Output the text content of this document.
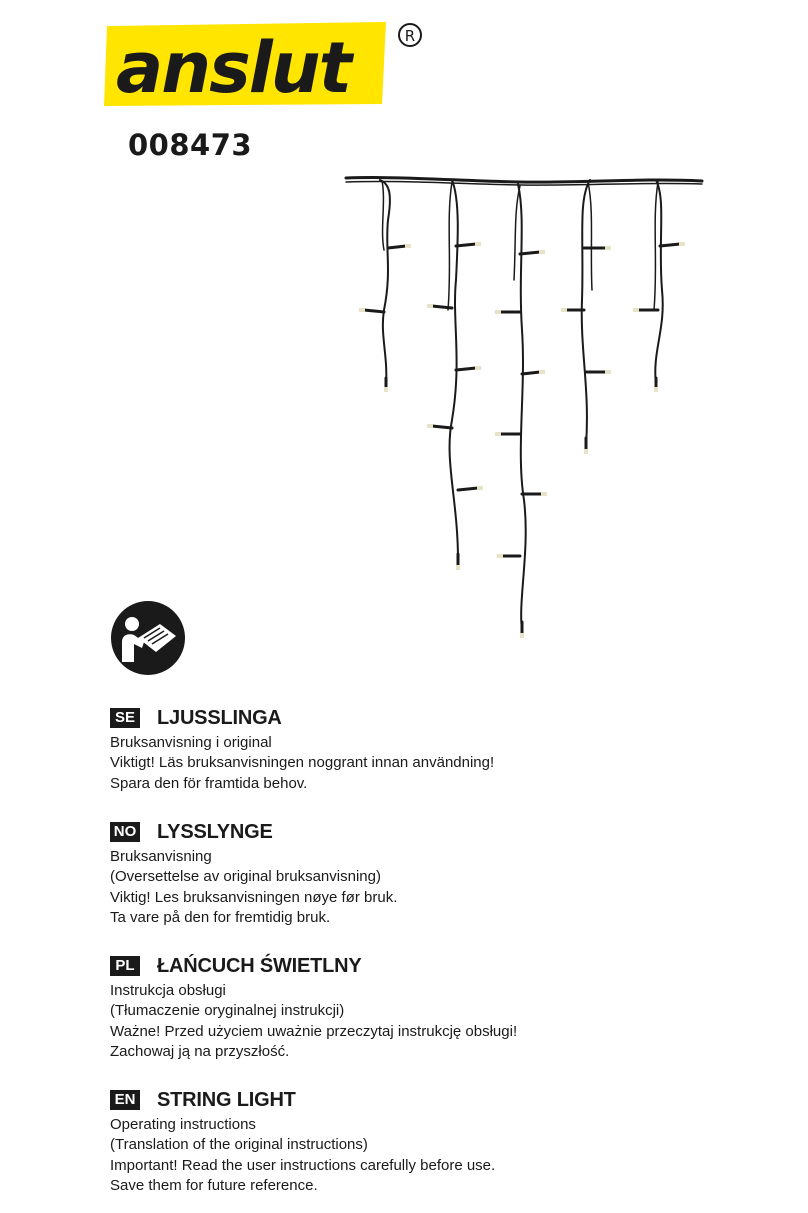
anslut	R
008473
SE LJUSSLINGA
Bruksanvisning i original
Viktigt! Läs bruksanvisningen noggrant innan användning!
Spara den för framtida behov.
NO LYSSLYNGE
Bruksanvisning
(Oversettelse av original bruksanvisning)
Viktig! Les bruksanvisningen nøye før bruk.
Ta vare på den for fremtidig bruk.
PL ŁAŃCUCH ŚWIETLNY
Instrukcja obsługi
(Tłumaczenie oryginalnej instrukcji)
Ważne! Przed użyciem uważnie przeczytaj instrukcję obsługi!
Zachowaj ją na przyszłość.
EN STRING LIGHT
Operating instructions
(Translation of the original instructions)
Important! Read the user instructions carefully before use.
Save them for future reference.
